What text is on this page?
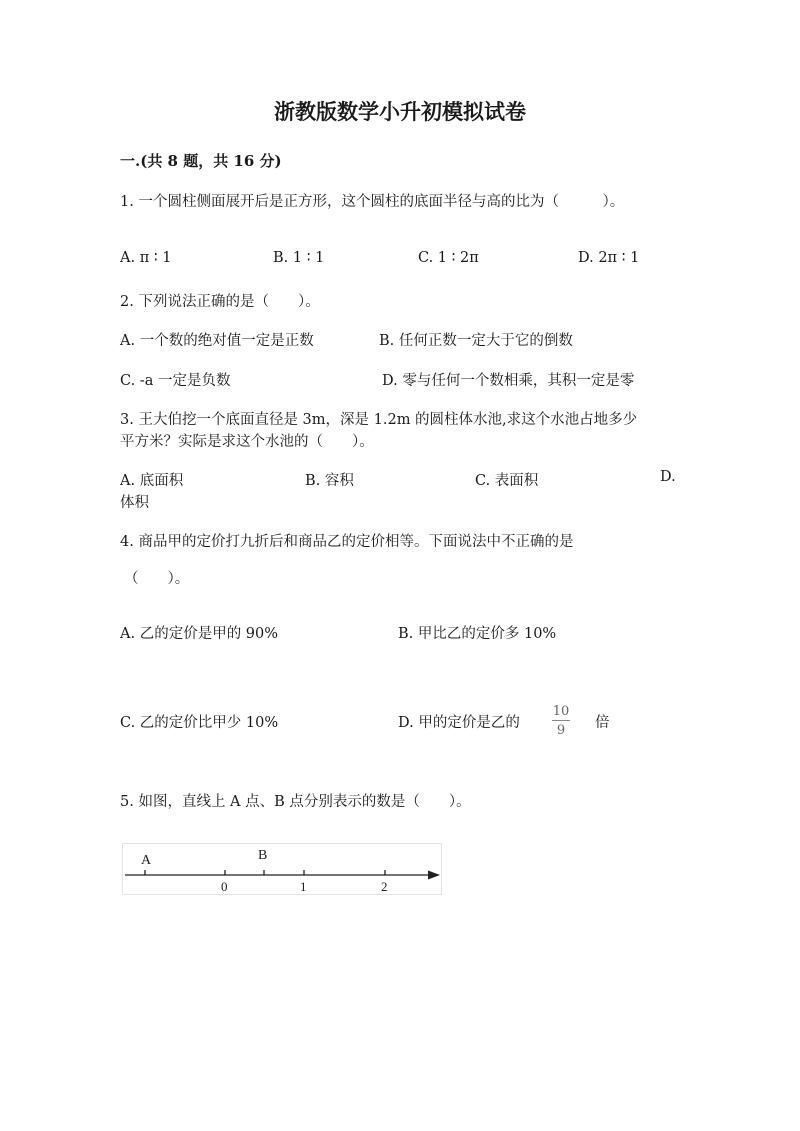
浙教版数学小升初模拟试卷
一.(共 8 题，共 16 分)
1. 一个圆柱侧面展开后是正方形，这个圆柱的底面半径与高的比为（　　　）。
A. π ∶ 1	B. 1 ∶ 1	C. 1 ∶ 2π	D. 2π ∶ 1
2. 下列说法正确的是（　　）。
A. 一个数的绝对值一定是正数	B. 任何正数一定大于它的倒数
C. -a 一定是负数	D. 零与任何一个数相乘，其积一定是零
3. 王大伯挖一个底面直径是 3m，深是 1.2m 的圆柱体水池,求这个水池占地多少
平方米？实际是求这个水池的（　　）。
A. 底面积	B. 容积	C. 表面积	D.
体积
4. 商品甲的定价打九折后和商品乙的定价相等。下面说法中不正确的是
（　　）。
A. 乙的定价是甲的 90%	B. 甲比乙的定价多 10%
C. 乙的定价比甲少 10%	D. 甲的定价是乙的 $\frac{10}{9}$ 倍
5. 如图，直线上 A 点、B 点分别表示的数是（　　）。
A	B
0	1	2
